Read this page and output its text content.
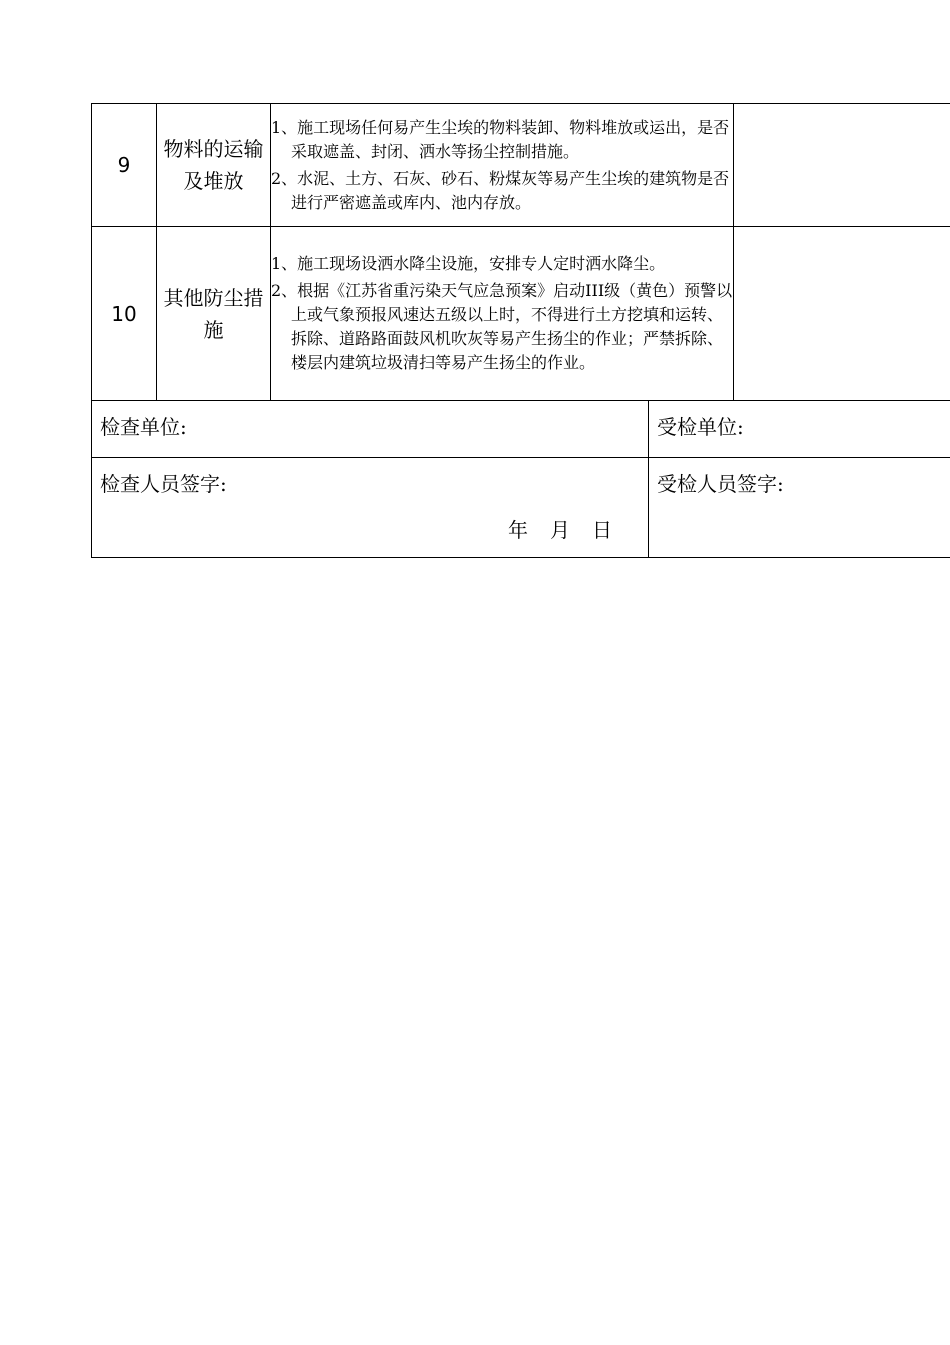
9	物料的运输及堆放	1、施工现场任何易产生尘埃的物料装卸、物料堆放或运出，是否采取遮盖、封闭、洒水等扬尘控制措施。

2、水泥、土方、石灰、砂石、粉煤灰等易产生尘埃的建筑物是否进行严密遮盖或库内、池内存放。	

10	其他防尘措施	1、施工现场设洒水降尘设施，安排专人定时洒水降尘。

2、根据《江苏省重污染天气应急预案》启动III级（黄色）预警以上或气象预报风速达五级以上时，不得进行土方挖填和运转、拆除、道路路面鼓风机吹灰等易产生扬尘的作业；严禁拆除、楼层内建筑垃圾清扫等易产生扬尘的作业。	

检查单位:	受检单位:

检查人员签字:
年 月 日	受检人员签字:
